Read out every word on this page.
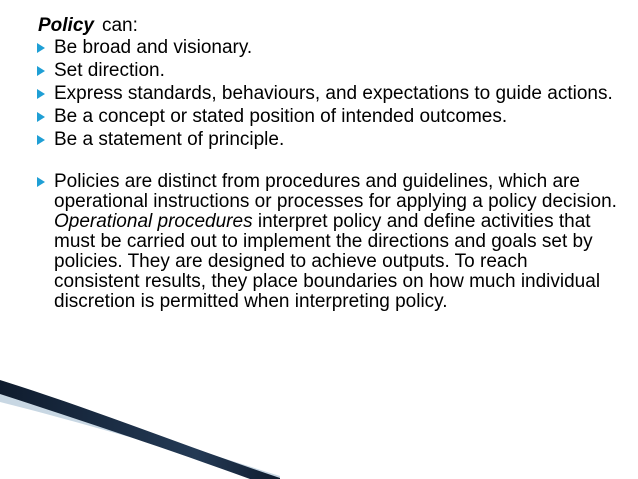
Policy can:
Be broad and visionary.
Set direction.
Express standards, behaviours, and expectations to guide actions.
Be a concept or stated position of intended outcomes.
Be a statement of principle.
Policies are distinct from procedures and guidelines, which are operational instructions or processes for applying a policy decision. Operational procedures interpret policy and define activities that must be carried out to implement the directions and goals set by policies. They are designed to achieve outputs. To reach consistent results, they place boundaries on how much individual discretion is permitted when interpreting policy.
